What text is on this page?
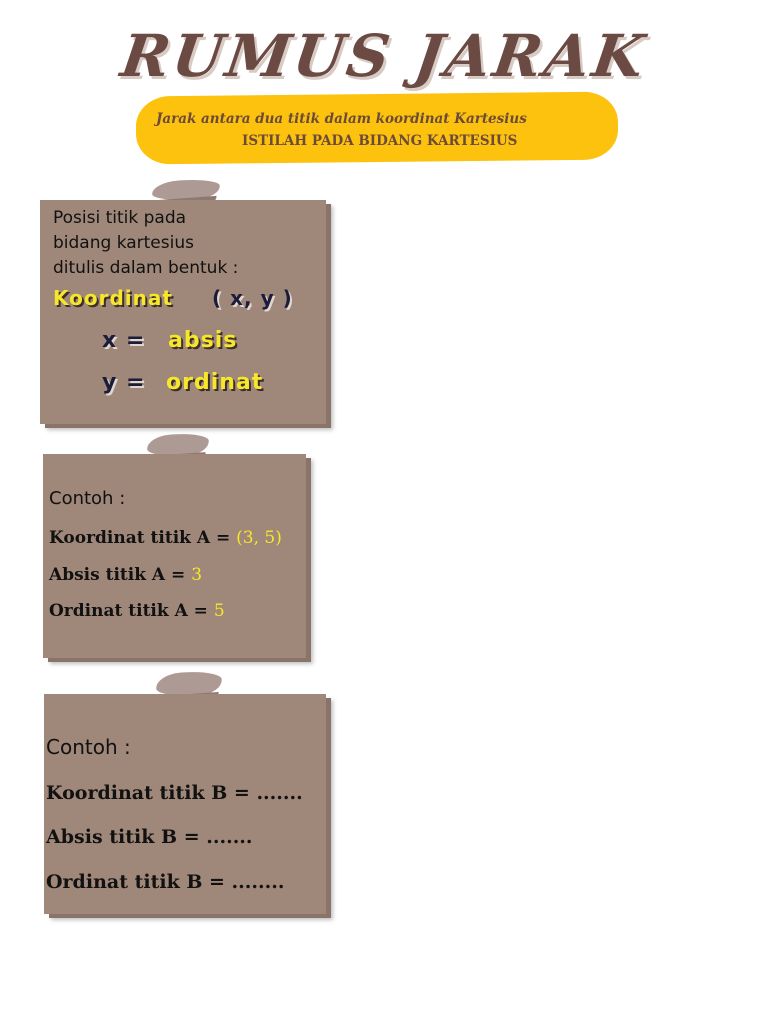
RUMUS JARAK
Jarak antara dua titik dalam koordinat Kartesius
ISTILAH PADA BIDANG KARTESIUS
Posisi titik pada
bidang kartesius
ditulis dalam bentuk :
Koordinat ( x, y )
x = absis
y = ordinat
Contoh :
Koordinat titik A = (3, 5)
Absis titik A = 3
Ordinat titik A = 5
Contoh :
Koordinat titik B = .......
Absis titik B = .......
Ordinat titik B = ........
